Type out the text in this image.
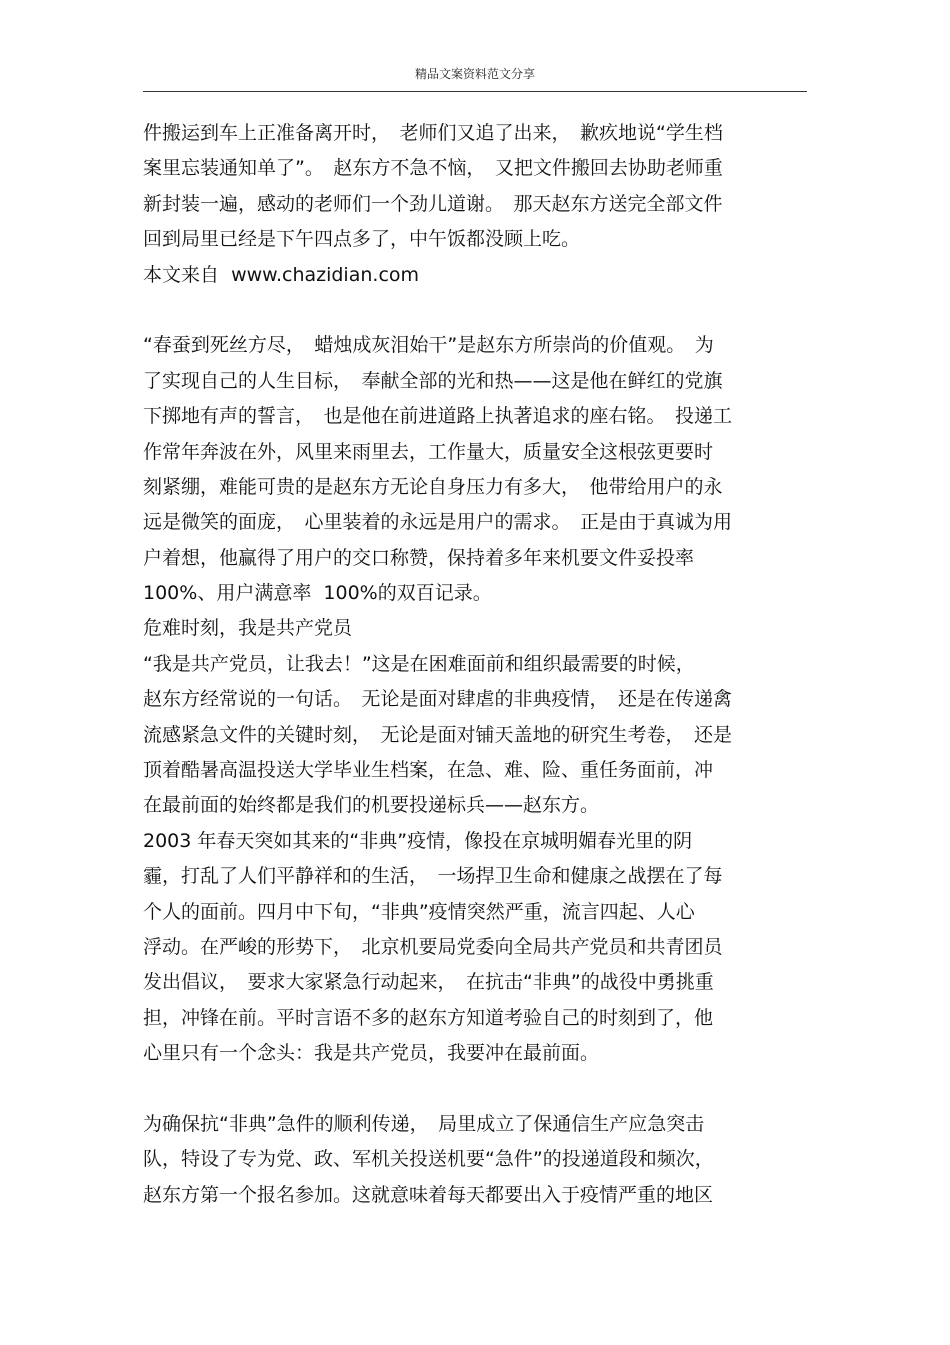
精品文案资料范文分享
件搬运到车上正准备离开时，　老师们又追了出来，　歉疚地说“学生档
案里忘装通知单了”。　赵东方不急不恼，　又把文件搬回去协助老师重
新封装一遍，感动的老师们一个劲儿道谢。　那天赵东方送完全部文件
回到局里已经是下午四点多了，中午饭都没顾上吃。
本文来自  www.chazidian.com
“春蚕到死丝方尽，　蜡烛成灰泪始干”是赵东方所崇尚的价值观。　为
了实现自己的人生目标，　奉献全部的光和热——这是他在鲜红的党旗
下掷地有声的誓言，　也是他在前进道路上执著追求的座右铭。　投递工
作常年奔波在外，风里来雨里去，工作量大，质量安全这根弦更要时
刻紧绷，难能可贵的是赵东方无论自身压力有多大，　他带给用户的永
远是微笑的面庞，　心里装着的永远是用户的需求。　正是由于真诚为用
户着想，他赢得了用户的交口称赞，保持着多年来机要文件妥投率
100%、用户满意率  100%的双百记录。
危难时刻，我是共产党员
“我是共产党员，让我去！”这是在困难面前和组织最需要的时候，
赵东方经常说的一句话。　无论是面对肆虐的非典疫情，　还是在传递禽
流感紧急文件的关键时刻，　无论是面对铺天盖地的研究生考卷，　还是
顶着酷暑高温投送大学毕业生档案，在急、难、险、重任务面前，冲
在最前面的始终都是我们的机要投递标兵——赵东方。
2003 年春天突如其来的“非典”疫情，像投在京城明媚春光里的阴
霾，打乱了人们平静祥和的生活，　一场捍卫生命和健康之战摆在了每
个人的面前。四月中下旬，“非典”疫情突然严重，流言四起、人心
浮动。在严峻的形势下，　北京机要局党委向全局共产党员和共青团员
发出倡议，　要求大家紧急行动起来，　在抗击“非典”的战役中勇挑重
担，冲锋在前。平时言语不多的赵东方知道考验自己的时刻到了，他
心里只有一个念头：我是共产党员，我要冲在最前面。
为确保抗“非典”急件的顺利传递，　局里成立了保通信生产应急突击
队，特设了专为党、政、军机关投送机要“急件”的投递道段和频次，
赵东方第一个报名参加。这就意味着每天都要出入于疫情严重的地区
